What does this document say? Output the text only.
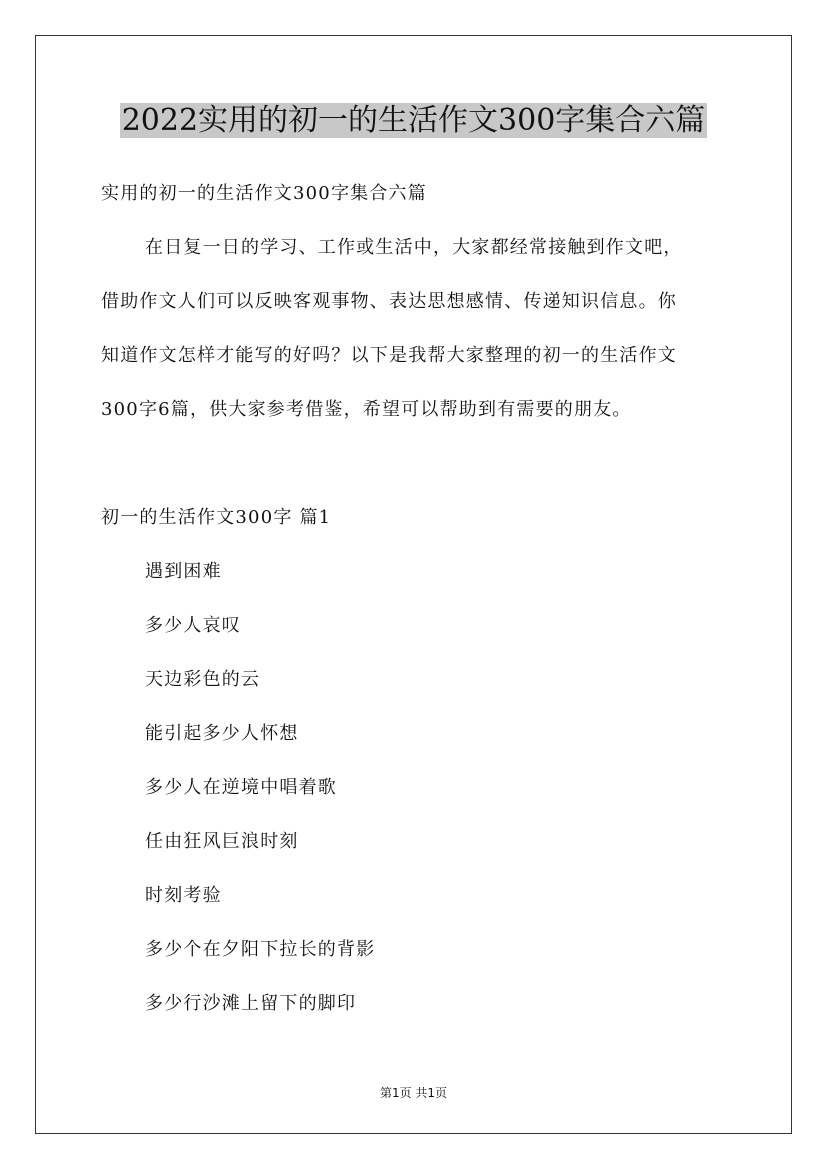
2022实用的初一的生活作文300字集合六篇
实用的初一的生活作文300字集合六篇
在日复一日的学习、工作或生活中，大家都经常接触到作文吧，
借助作文人们可以反映客观事物、表达思想感情、传递知识信息。你
知道作文怎样才能写的好吗？以下是我帮大家整理的初一的生活作文
300字6篇，供大家参考借鉴，希望可以帮助到有需要的朋友。
初一的生活作文300字 篇1
遇到困难
多少人哀叹
天边彩色的云
能引起多少人怀想
多少人在逆境中唱着歌
任由狂风巨浪时刻
时刻考验
多少个在夕阳下拉长的背影
多少行沙滩上留下的脚印
第1页 共1页
